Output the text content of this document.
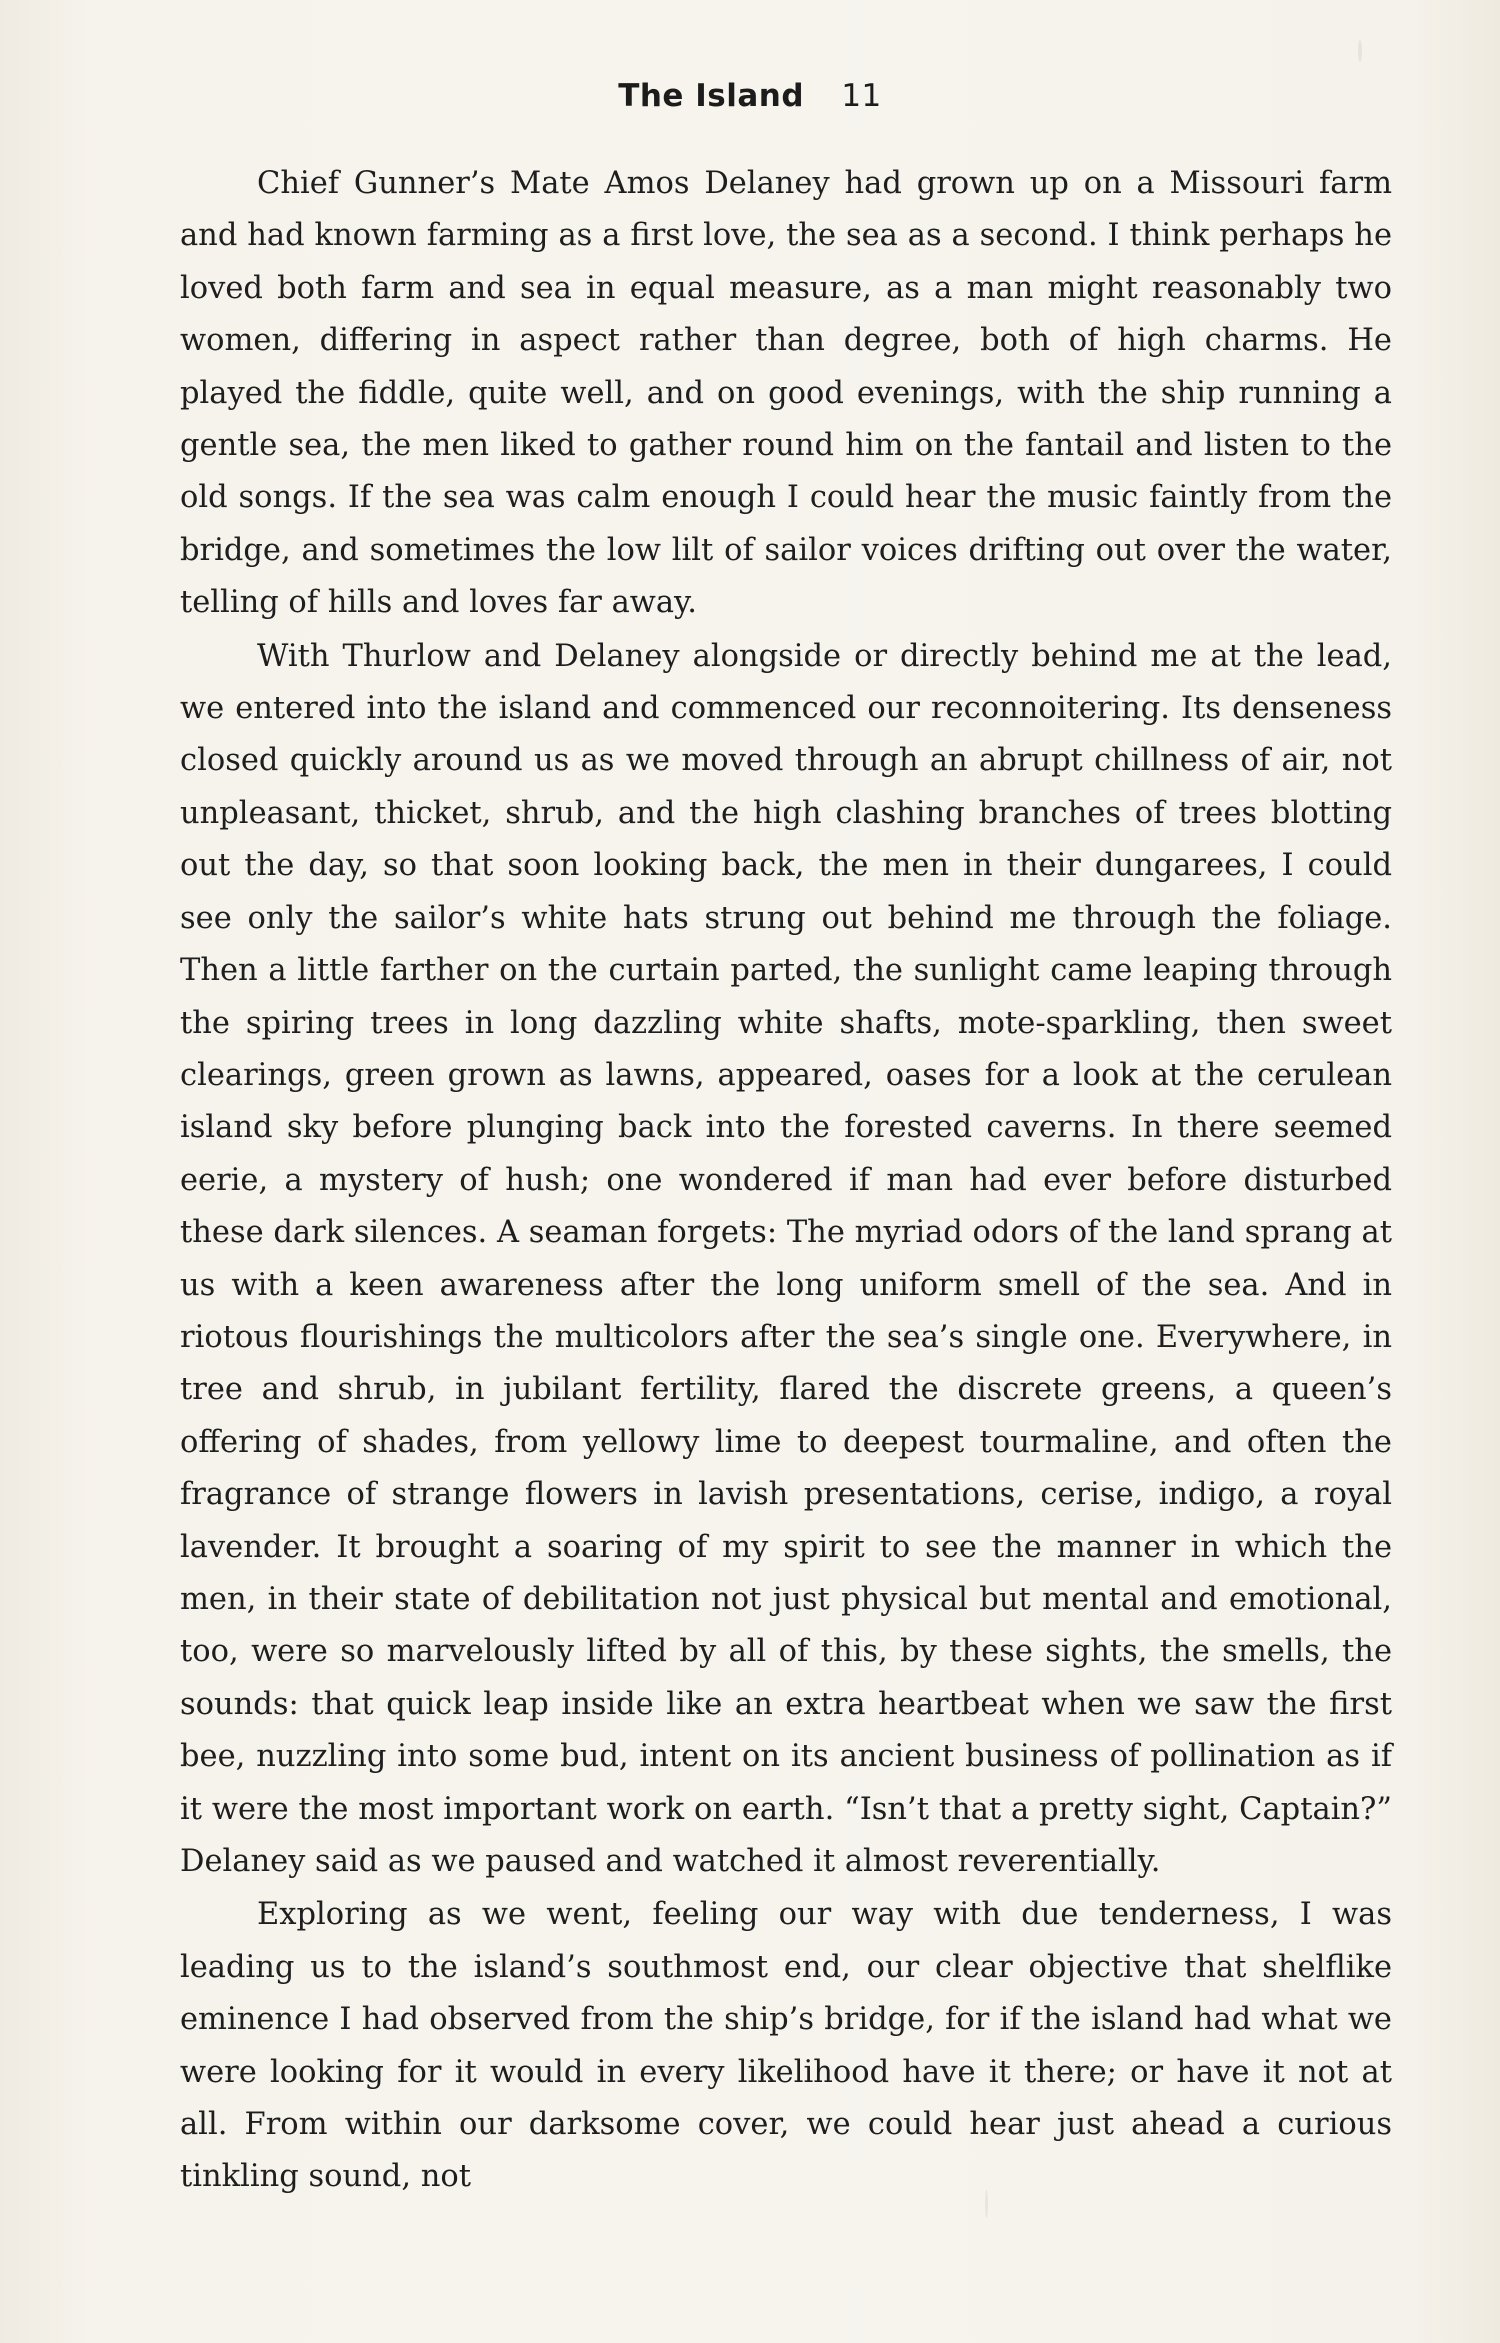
The Island 11

Chief Gunner’s Mate Amos Delaney had grown up on a Missouri farm and had known farming as a first love, the sea as a second. I think perhaps he loved both farm and sea in equal measure, as a man might reasonably two women, differing in aspect rather than degree, both of high charms. He played the fiddle, quite well, and on good evenings, with the ship running a gentle sea, the men liked to gather round him on the fantail and listen to the old songs. If the sea was calm enough I could hear the music faintly from the bridge, and sometimes the low lilt of sailor voices drifting out over the water, telling of hills and loves far away.

With Thurlow and Delaney alongside or directly behind me at the lead, we entered into the island and commenced our reconnoitering. Its denseness closed quickly around us as we moved through an abrupt chillness of air, not unpleasant, thicket, shrub, and the high clashing branches of trees blotting out the day, so that soon looking back, the men in their dungarees, I could see only the sailor’s white hats strung out behind me through the foliage. Then a little farther on the curtain parted, the sunlight came leaping through the spiring trees in long dazzling white shafts, mote-sparkling, then sweet clearings, green grown as lawns, appeared, oases for a look at the cerulean island sky before plunging back into the forested caverns. In there seemed eerie, a mystery of hush; one wondered if man had ever before disturbed these dark silences. A seaman forgets: The myriad odors of the land sprang at us with a keen awareness after the long uniform smell of the sea. And in riotous flourishings the multicolors after the sea’s single one. Everywhere, in tree and shrub, in jubilant fertility, flared the discrete greens, a queen’s offering of shades, from yellowy lime to deepest tourmaline, and often the fragrance of strange flowers in lavish presentations, cerise, indigo, a royal lavender. It brought a soaring of my spirit to see the manner in which the men, in their state of debilitation not just physical but mental and emotional, too, were so marvelously lifted by all of this, by these sights, the smells, the sounds: that quick leap inside like an extra heartbeat when we saw the first bee, nuzzling into some bud, intent on its ancient business of pollination as if it were the most important work on earth. “Isn’t that a pretty sight, Captain?” Delaney said as we paused and watched it almost reverentially.

Exploring as we went, feeling our way with due tenderness, I was leading us to the island’s southmost end, our clear objective that shelflike eminence I had observed from the ship’s bridge, for if the island had what we were looking for it would in every likelihood have it there; or have it not at all. From within our darksome cover, we could hear just ahead a curious tinkling sound, not
